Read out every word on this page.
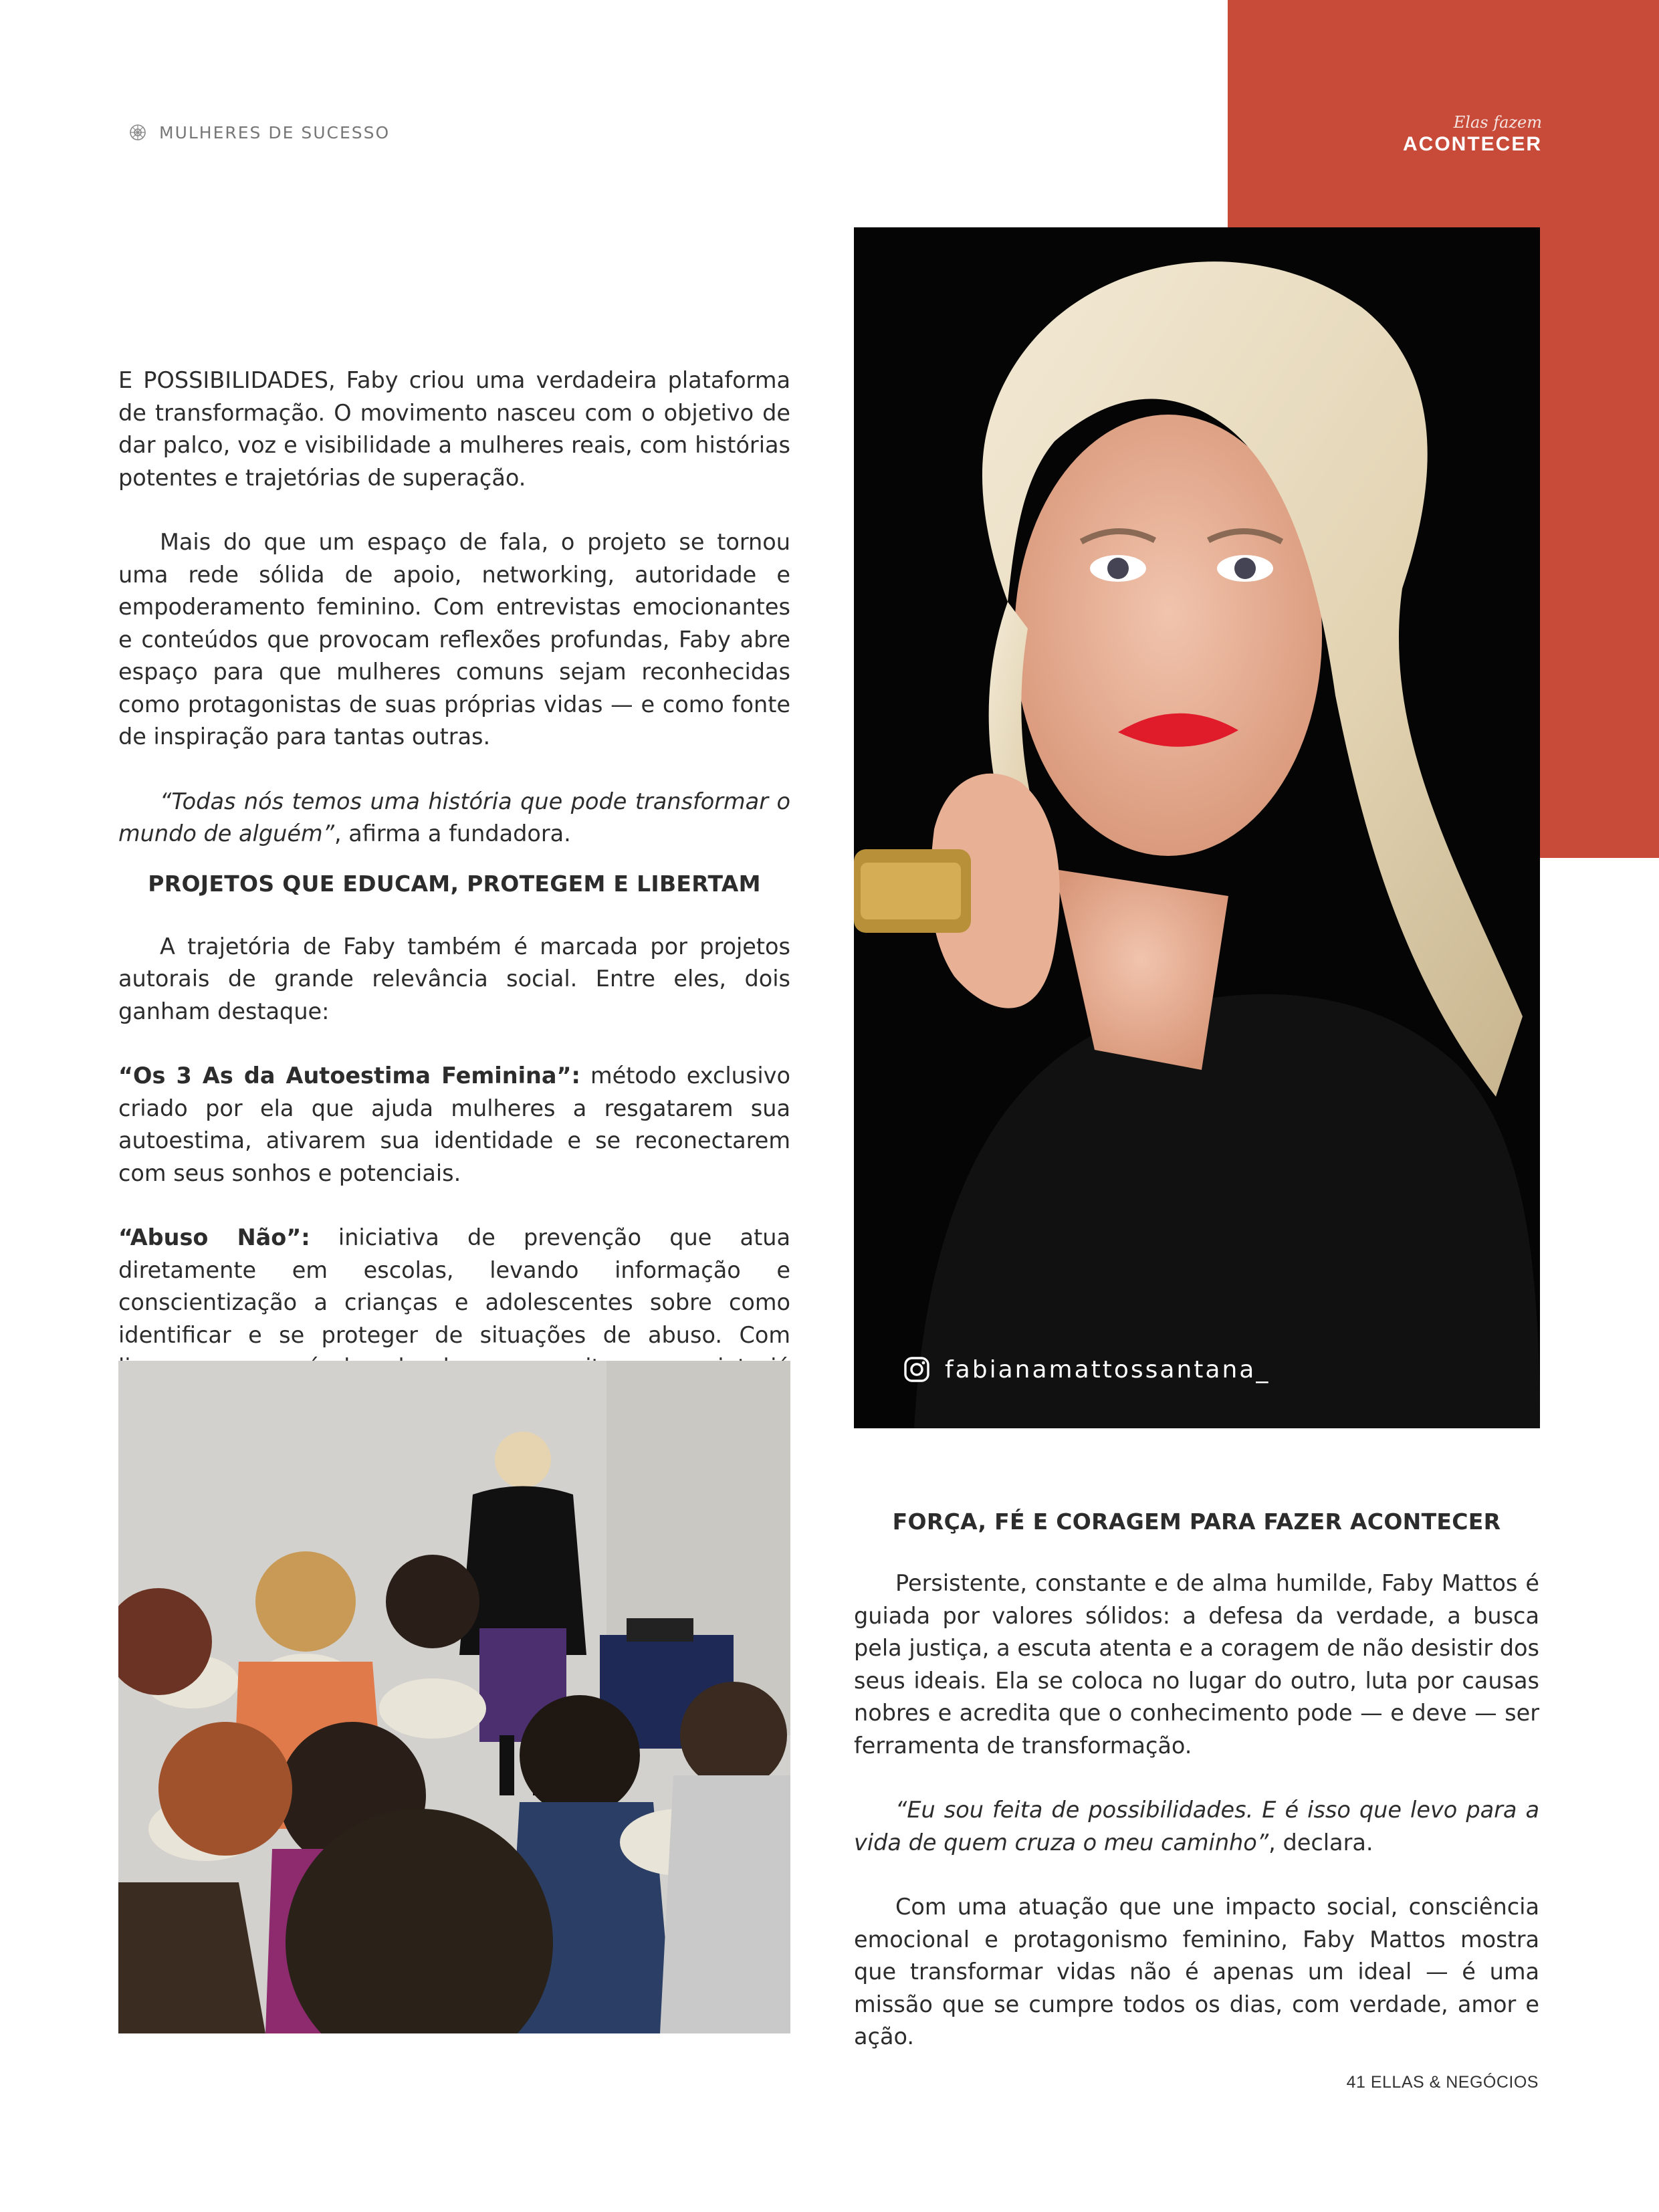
MULHERES DE SUCESSO
Elas fazem
ACONTECER

E POSSIBILIDADES, Faby criou uma verdadeira plataforma de transformação. O movimento nasceu com o objetivo de dar palco, voz e visibilidade a mulheres reais, com histórias potentes e trajetórias de superação.

Mais do que um espaço de fala, o projeto se tornou uma rede sólida de apoio, networking, autoridade e empoderamento feminino. Com entrevistas emocionantes e conteúdos que provocam reflexões profundas, Faby abre espaço para que mulheres comuns sejam reconhecidas como protagonistas de suas próprias vidas — e como fonte de inspiração para tantas outras.

“Todas nós temos uma história que pode transformar o mundo de alguém”, afirma a fundadora.

PROJETOS QUE EDUCAM, PROTEGEM E LIBERTAM

A trajetória de Faby também é marcada por projetos autorais de grande relevância social. Entre eles, dois ganham destaque:

“Os 3 As da Autoestima Feminina”: método exclusivo criado por ela que ajuda mulheres a resgatarem sua autoestima, ativarem sua identidade e se reconectarem com seus sonhos e potenciais.

“Abuso Não”: iniciativa de prevenção que atua diretamente em escolas, levando informação e conscientização a crianças e adolescentes sobre como identificar e se proteger de situações de abuso. Com

fabianamattossantana_
FORÇA, FÉ E CORAGEM PARA FAZER ACONTECER

Persistente, constante e de alma humilde, Faby Mattos é guiada por valores sólidos: a defesa da verdade, a busca pela justiça, a escuta atenta e a coragem de não desistir dos seus ideais. Ela se coloca no lugar do outro, luta por causas nobres e acredita que o conhecimento pode — e deve — ser ferramenta de transformação.

“Eu sou feita de possibilidades. E é isso que levo para a vida de quem cruza o meu caminho”, declara.

Com uma atuação que une impacto social, consciência emocional e protagonismo feminino, Faby Mattos mostra que transformar vidas não é apenas um ideal — é uma missão que se cumpre todos os dias, com verdade, amor e ação.

41 ELLAS & NEGÓCIOS
